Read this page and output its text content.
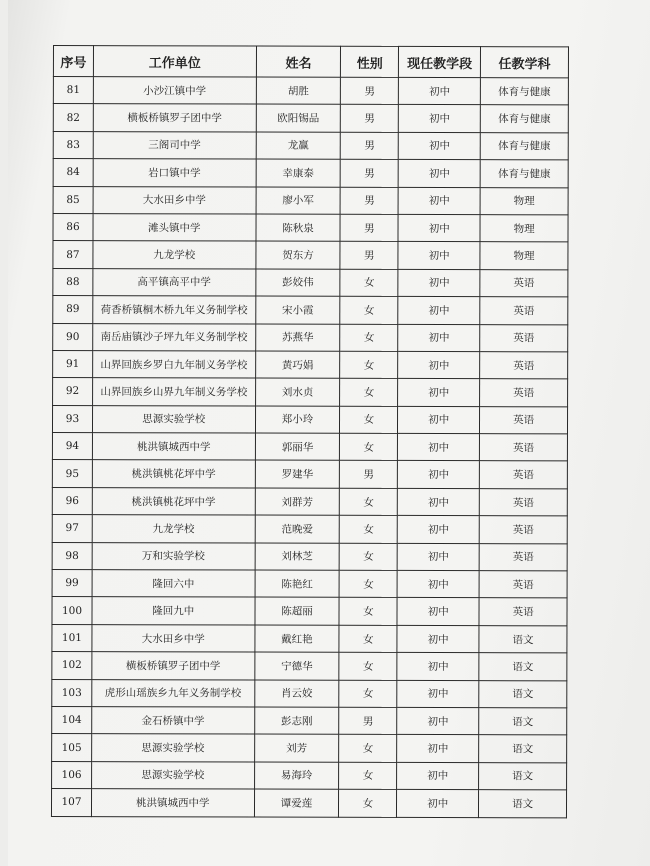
序号	工作单位	姓名	性别	现任教学段	任教学科
81	小沙江镇中学	胡胜	男	初中	体育与健康
82	横板桥镇罗子团中学	欧阳锡品	男	初中	体育与健康
83	三阁司中学	龙赢	男	初中	体育与健康
84	岩口镇中学	幸康泰	男	初中	体育与健康
85	大水田乡中学	廖小军	男	初中	物理
86	滩头镇中学	陈秋泉	男	初中	物理
87	九龙学校	贺东方	男	初中	物理
88	高平镇高平中学	彭姣伟	女	初中	英语
89	荷香桥镇桐木桥九年义务制学校	宋小霞	女	初中	英语
90	南岳庙镇沙子坪九年义务制学校	苏燕华	女	初中	英语
91	山界回族乡罗白九年制义务学校	黄巧娟	女	初中	英语
92	山界回族乡山界九年制义务学校	刘水贞	女	初中	英语
93	思源实验学校	郑小玲	女	初中	英语
94	桃洪镇城西中学	郭丽华	女	初中	英语
95	桃洪镇桃花坪中学	罗建华	男	初中	英语
96	桃洪镇桃花坪中学	刘群芳	女	初中	英语
97	九龙学校	范晚爱	女	初中	英语
98	万和实验学校	刘林芝	女	初中	英语
99	隆回六中	陈艳红	女	初中	英语
100	隆回九中	陈超丽	女	初中	英语
101	大水田乡中学	戴红艳	女	初中	语文
102	横板桥镇罗子团中学	宁德华	女	初中	语文
103	虎形山瑶族乡九年义务制学校	肖云姣	女	初中	语文
104	金石桥镇中学	彭志刚	男	初中	语文
105	思源实验学校	刘芳	女	初中	语文
106	思源实验学校	易海玲	女	初中	语文
107	桃洪镇城西中学	谭爱莲	女	初中	语文
